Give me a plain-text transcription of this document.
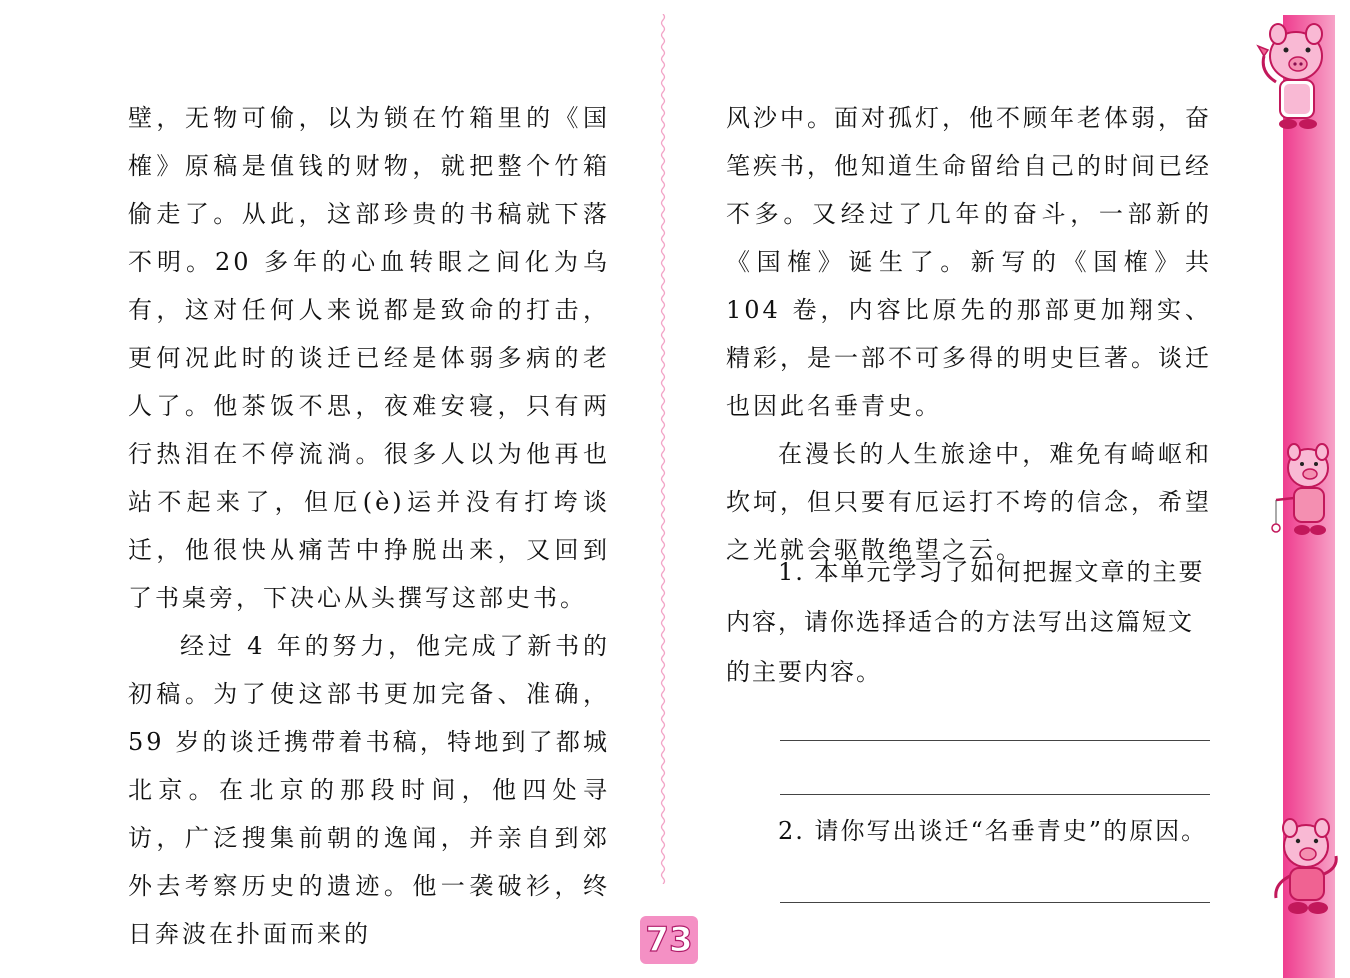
壁，无物可偷，以为锁在竹箱里的《国榷》原稿是值钱的财物，就把整个竹箱偷走了。从此，这部珍贵的书稿就下落不明。20 多年的心血转眼之间化为乌有，这对任何人来说都是致命的打击，更何况此时的谈迁已经是体弱多病的老人了。他茶饭不思，夜难安寝，只有两行热泪在不停流淌。很多人以为他再也站不起来了，但厄(è)运并没有打垮谈迁，他很快从痛苦中挣脱出来，又回到了书桌旁，下决心从头撰写这部史书。

经过 4 年的努力，他完成了新书的初稿。为了使这部书更加完备、准确，59 岁的谈迁携带着书稿，特地到了都城北京。在北京的那段时间，他四处寻访，广泛搜集前朝的逸闻，并亲自到郊外去考察历史的遗迹。他一袭破衫，终日奔波在扑面而来的

风沙中。面对孤灯，他不顾年老体弱，奋笔疾书，他知道生命留给自己的时间已经不多。又经过了几年的奋斗，一部新的《国榷》诞生了。新写的《国榷》共 104 卷，内容比原先的那部更加翔实、精彩，是一部不可多得的明史巨著。谈迁也因此名垂青史。

在漫长的人生旅途中，难免有崎岖和坎坷，但只要有厄运打不垮的信念，希望之光就会驱散绝望之云。

1. 本单元学习了如何把握文章的主要内容，请你选择适合的方法写出这篇短文的主要内容。

2. 请你写出谈迁“名垂青史”的原因。

73
